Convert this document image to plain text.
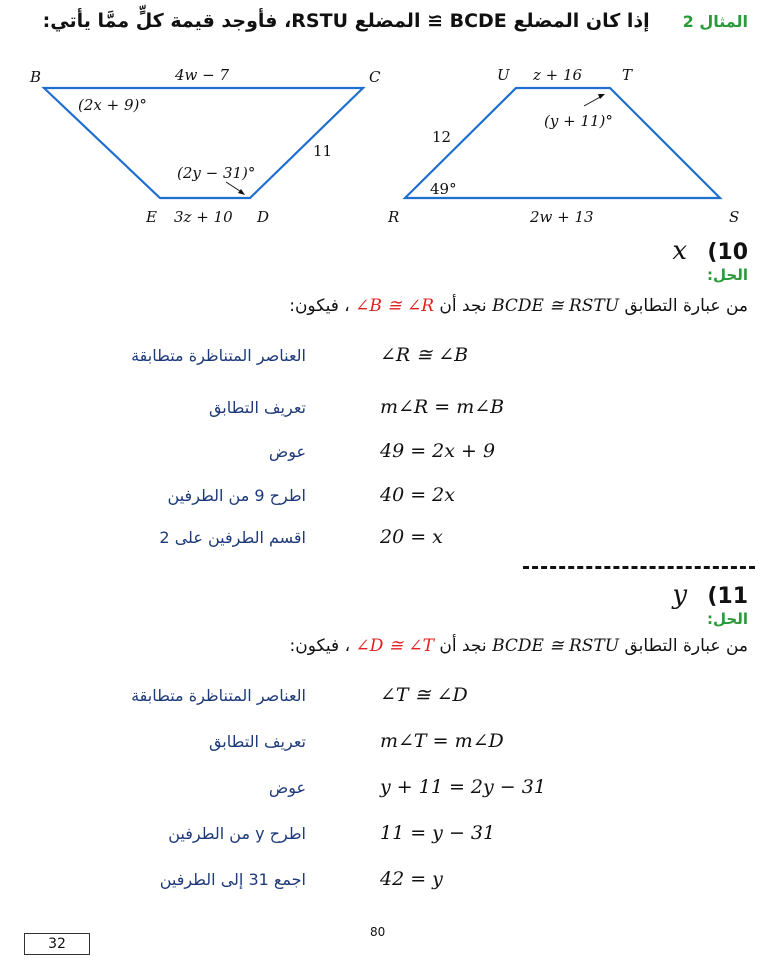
المثال 2 إذا كان المضلع BCDE ≅ المضلع RSTU، فأوجد قيمة كلٍّ ممَّا يأتي:
B	C
D
E
4w − 7
(2x + 9)°
11
(2y − 31)°
3z + 10	R	S
T
U z + 16
(y + 11)°
12
49°
2w + 13
x (10
الحل:
من عبارة التطابق BCDE ≅ RSTU نجد أن ∠B ≅ ∠R ، فيكون:
العناصر المتناظرة متطابقة	∠R ≅ ∠B
تعريف التطابق	m∠R = m∠B
عوض	49 = 2x + 9
اطرح 9 من الطرفين	40 = 2x
اقسم الطرفين على 2	20 = x
y (11
الحل:
من عبارة التطابق BCDE ≅ RSTU نجد أن ∠D ≅ ∠T ، فيكون:
العناصر المتناظرة متطابقة	∠T ≅ ∠D
تعريف التطابق	m∠T = m∠D
عوض	y + 11 = 2y − 31
اطرح y من الطرفين	11 = y − 31
اجمع 31 إلى الطرفين	42 = y
80
32
